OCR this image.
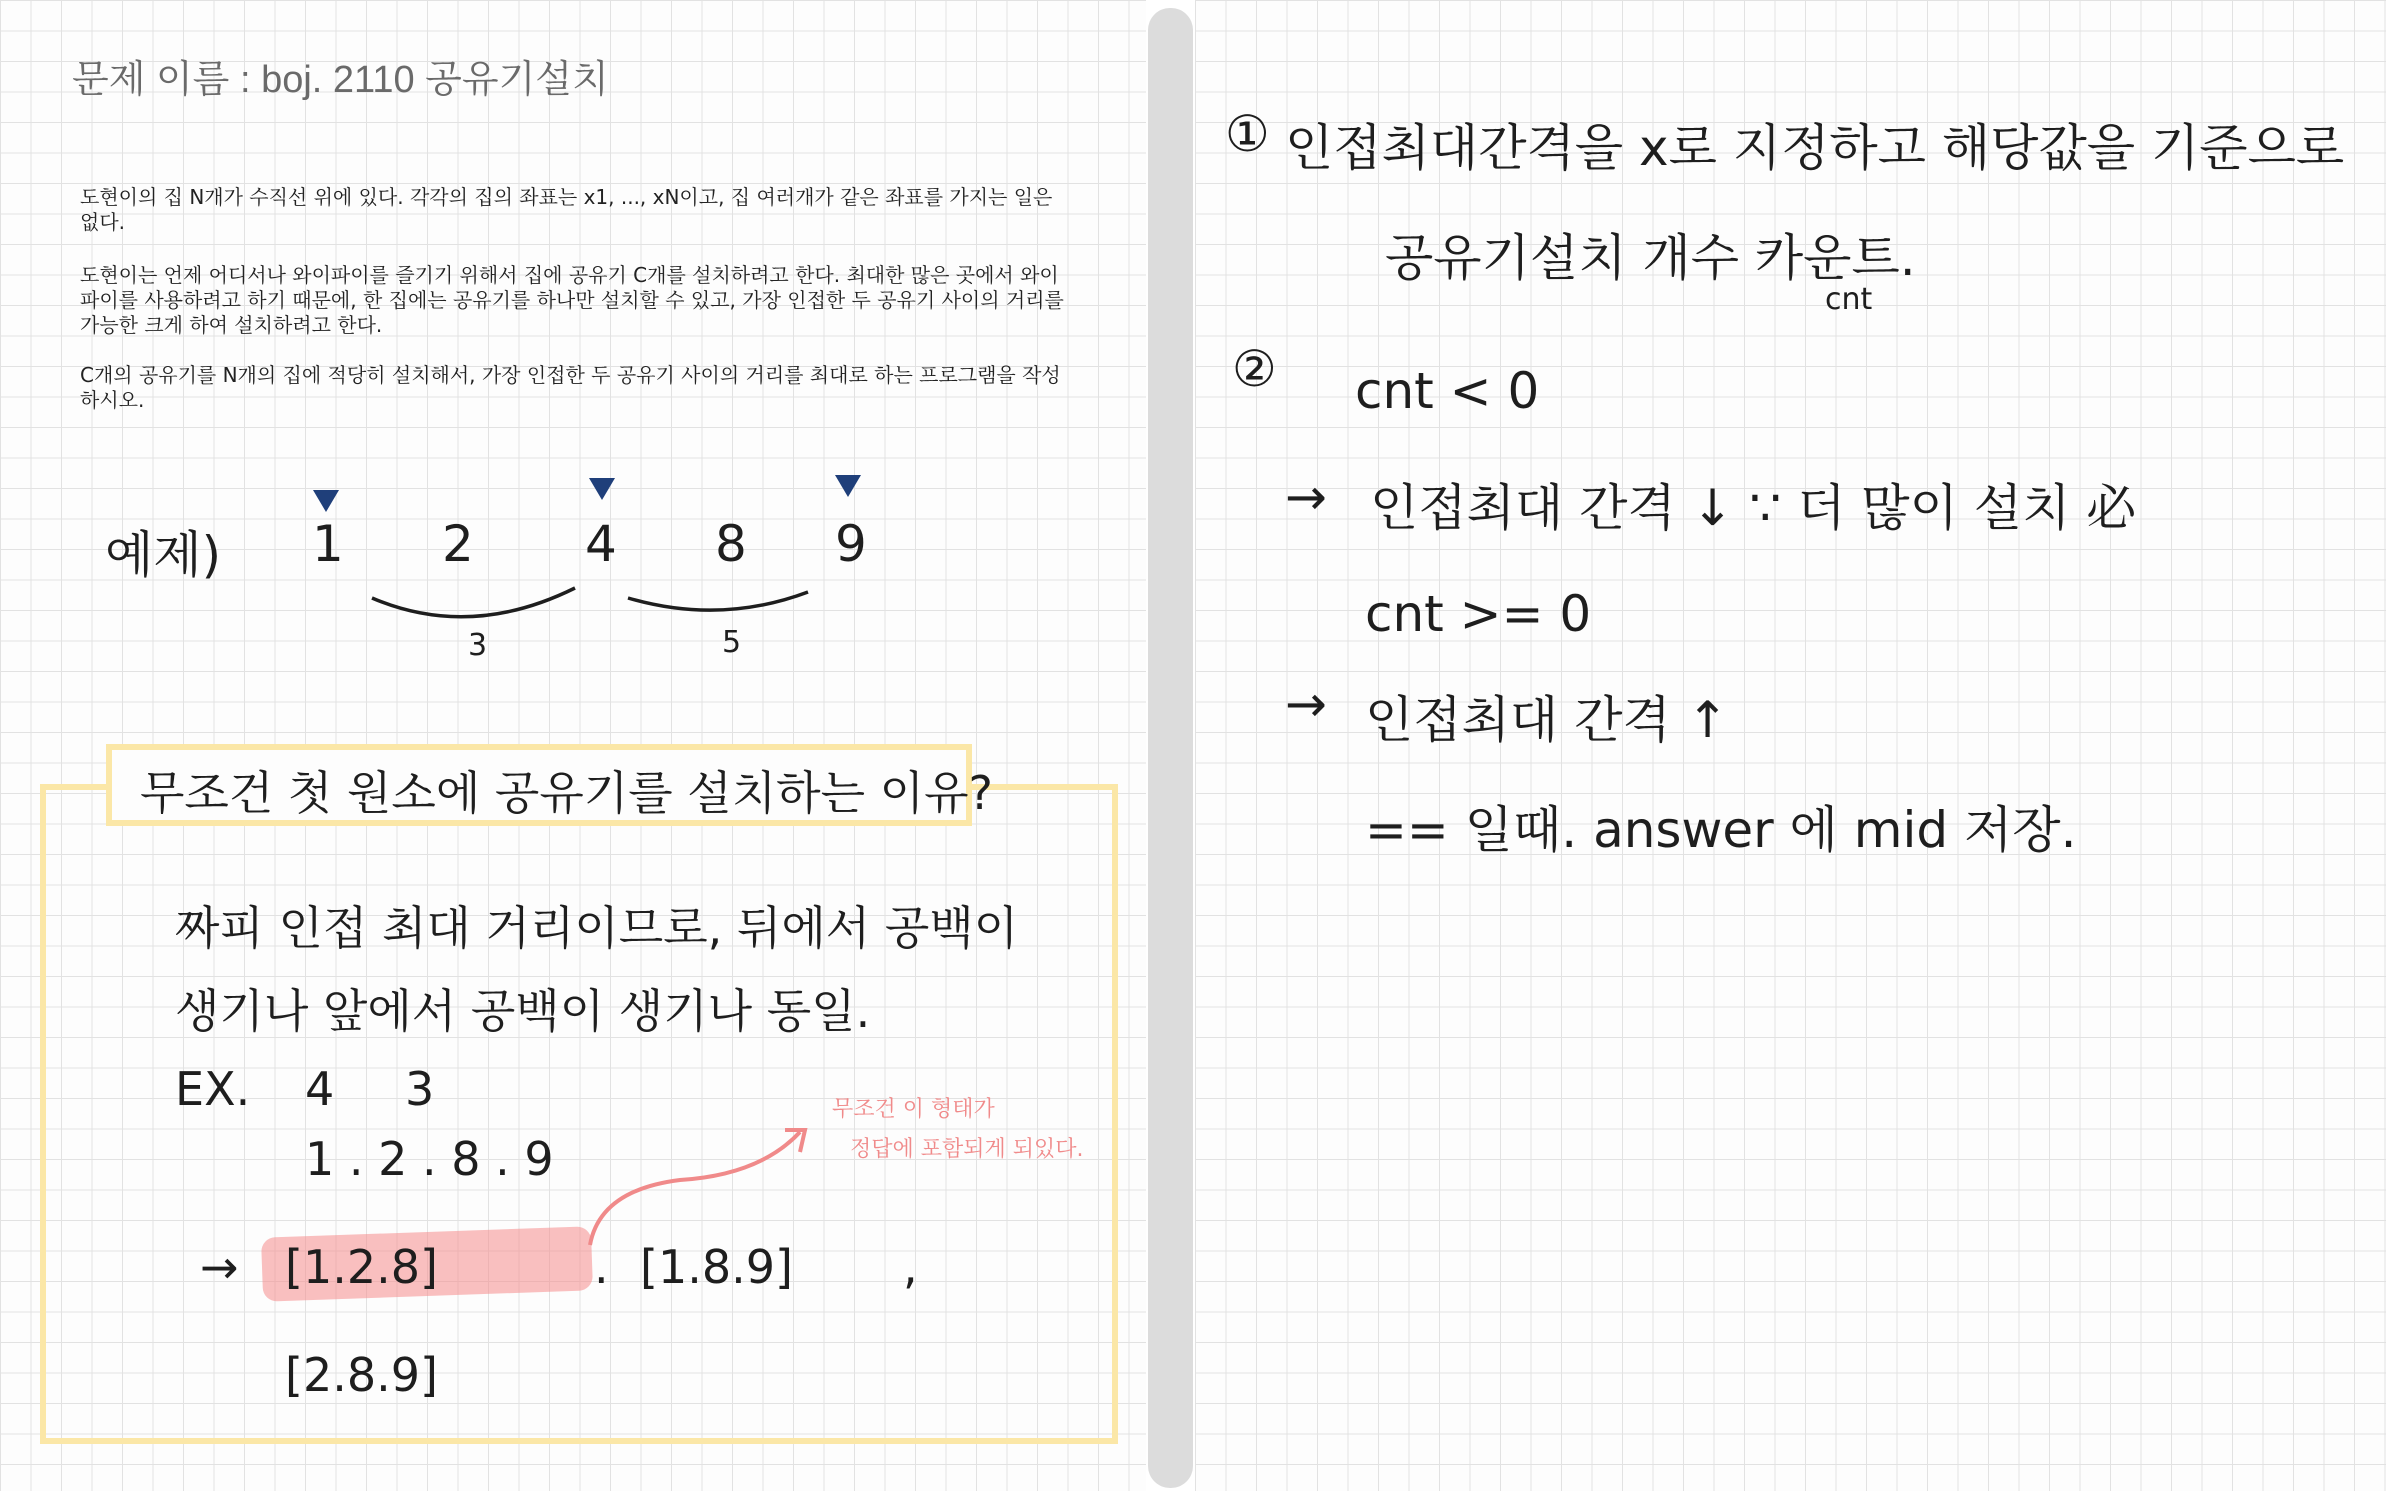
문제 이름 : boj. 2110 공유기설치

도현이의 집 N개가 수직선 위에 있다. 각각의 집의 좌표는 x1, ..., xN이고, 집 여러개가 같은 좌표를 가지는 일은 없다.

도현이는 언제 어디서나 와이파이를 즐기기 위해서 집에 공유기 C개를 설치하려고 한다. 최대한 많은 곳에서 와이파이를 사용하려고 하기 때문에, 한 집에는 공유기를 하나만 설치할 수 있고, 가장 인접한 두 공유기 사이의 거리를 가능한 크게 하여 설치하려고 한다.

C개의 공유기를 N개의 집에 적당히 설치해서, 가장 인접한 두 공유기 사이의 거리를 최대로 하는 프로그램을 작성하시오.

예제) 1 2 4 8 9
3	5
무조건 첫 원소에 공유기를 설치하는 이유?
짜피 인접 최대 거리이므로, 뒤에서 공백이
생기나 앞에서 공백이 생기나 동일.
EX. 4 3
1 . 2 . 8 . 9
→ [1.2.8]	. [1.8.9] ,
[2.8.9]
무조건 이 형태가
정답에 포함되게 되있다.
① 인접최대간격을 x로 지정하고 해당값을 기준으로
공유기설치 개수 카운트.
cnt
② cnt < 0
→ 인접최대 간격 ↓ ∵ 더 많이 설치 必
cnt >= 0
→ 인접최대 간격 ↑
== 일때. answer 에 mid 저장.
